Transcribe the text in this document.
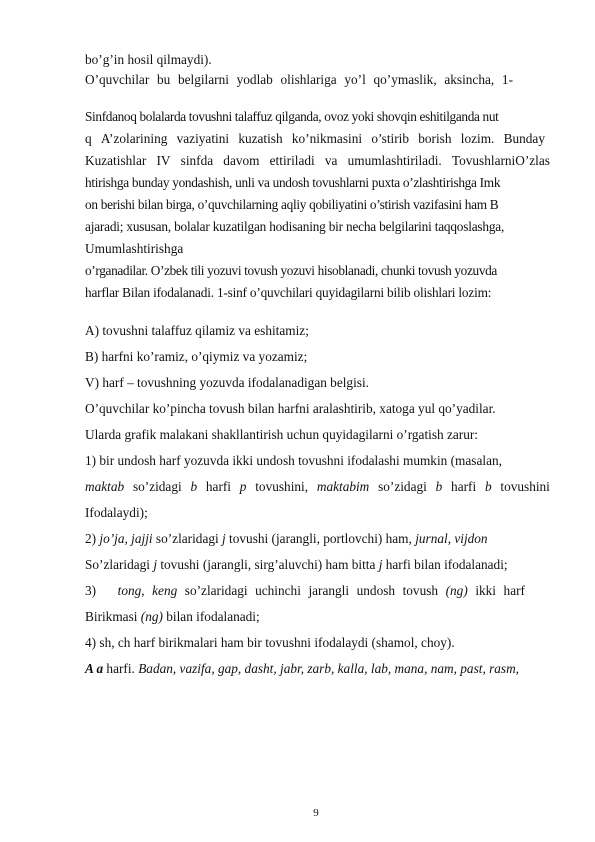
bo’g’in hosil qilmaydi).
O’quvchilar bu belgilarni yodlab olishlariga yo’l qo’ymaslik, aksincha, 1-
Sinfdanoq bolalarda tovushni talaffuz qilganda, ovoz yoki shovqin eshitilganda nut
q A’zolarining vaziyatini kuzatish ko’nikmasini o’stirib borish lozim. Bunday
Kuzatishlar IV sinfda davom ettiriladi va umumlashtiriladi. TovushlarniO’zlas
htirishga bunday yondashish, unli va undosh tovushlarni puxta o’zlashtirishga Imk
on berishi bilan birga, o’quvchilarning aqliy qobiliyatini o’stirish vazifasini ham B
ajaradi; xususan, bolalar kuzatilgan hodisaning bir necha belgilarini taqqoslashga,
Umumlashtirishga
o’rganadilar. O’zbek tili yozuvi tovush yozuvi hisoblanadi, chunki tovush yozuvda
harflar Bilan ifodalanadi. 1-sinf o’quvchilari quyidagilarni bilib olishlari lozim:
A) tovushni talaffuz qilamiz va eshitamiz;
B) harfni ko’ramiz, o’qiymiz va yozamiz;
V) harf – tovushning yozuvda ifodalanadigan belgisi.
O’quvchilar ko’pincha tovush bilan harfni aralashtirib, xatoga yul qo’yadilar.
Ularda grafik malakani shakllantirish uchun quyidagilarni o’rgatish zarur:
1) bir undosh harf yozuvda ikki undosh tovushni ifodalashi mumkin (masalan,
maktab so’zidagi b harfi p tovushini, maktabim so’zidagi b harfi b tovushini
Ifodalaydi);
2) jo’ja, jajji so’zlaridagi j tovushi (jarangli, portlovchi) ham, jurnal, vijdon
So’zlaridagi j tovushi (jarangli, sirg’aluvchi) ham bitta j harfi bilan ifodalanadi;
3) tong, keng so’zlaridagi uchinchi jarangli undosh tovush (ng) ikki harf
Birikmasi (ng) bilan ifodalanadi;
4) sh, ch harf birikmalari ham bir tovushni ifodalaydi (shamol, choy).
A a harfi. Badan, vazifa, gap, dasht, jabr, zarb, kalla, lab, mana, nam, past, rasm,
9
